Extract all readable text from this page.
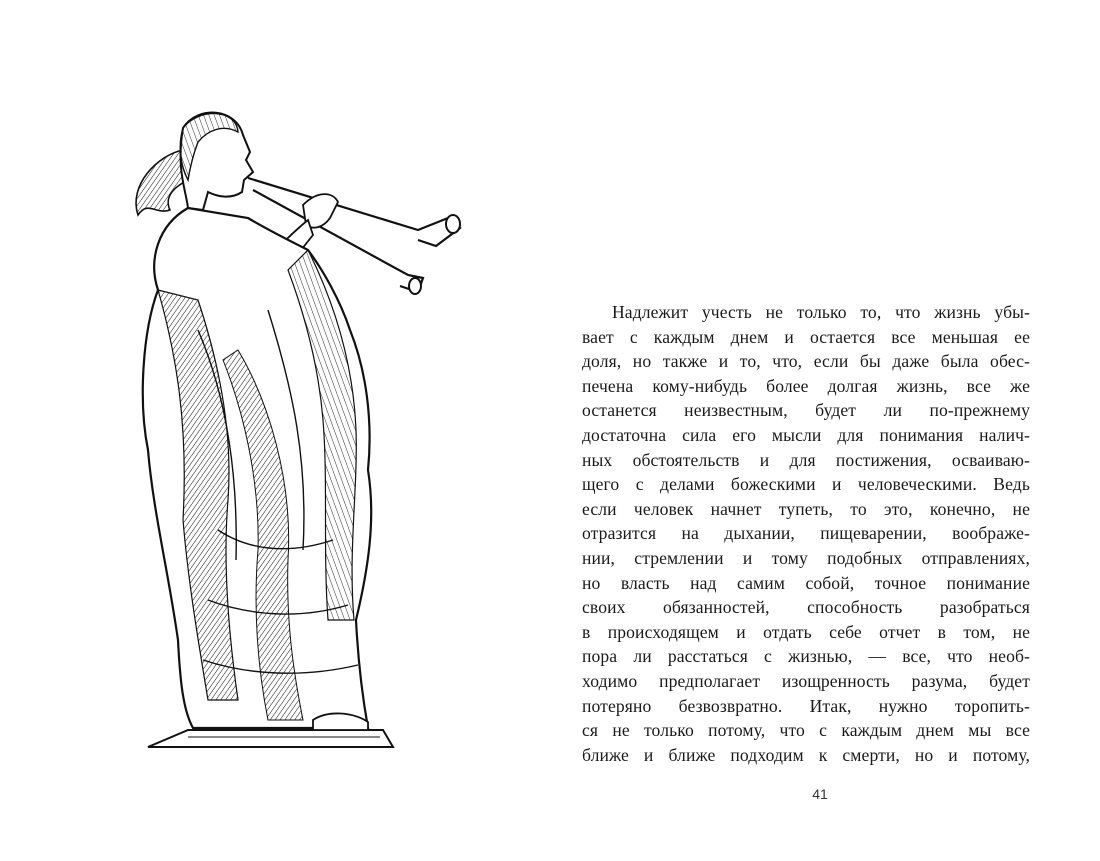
Надлежит учесть не только то, что жизнь убы-
вает с каждым днем и остается все меньшая ее
доля, но также и то, что, если бы даже была обес-
печена кому-нибудь более долгая жизнь, все же
останется неизвестным, будет ли по-прежнему
достаточна сила его мысли для понимания налич-
ных обстоятельств и для постижения, осваиваю-
щего с делами божескими и человеческими. Ведь
если человек начнет тупеть, то это, конечно, не
отразится на дыхании, пищеварении, воображе-
нии, стремлении и тому подобных отправлениях,
но власть над самим собой, точное понимание
своих обязанностей, способность разобраться
в происходящем и отдать себе отчет в том, не
пора ли расстаться с жизнью, — все, что необ-
ходимо предполагает изощренность разума, будет
потеряно безвозвратно. Итак, нужно торопить-
ся не только потому, что с каждым днем мы все
ближе и ближе подходим к смерти, но и потому,
41
